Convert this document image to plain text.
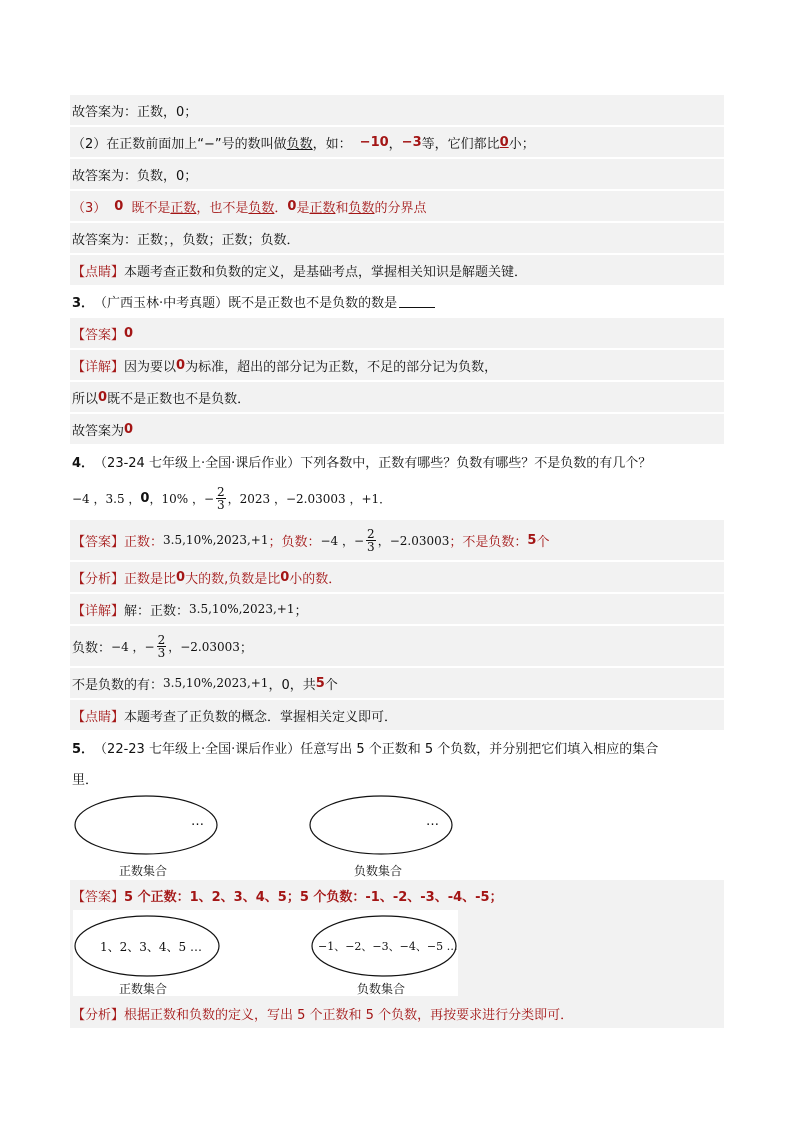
故答案为：正数，0；
（2）在正数前面加上“−”号的数叫做 负数 ，如： −10 ， −3 等，它们都比 0 小；
故答案为：负数，0；
（3） 0 既不是 正数 ，也不是 负数 ． 0 是 正数 和 负数 的分界点
故答案为：正数；，负数；正数；负数．
【点睛】 本题考查正数和负数的定义，是基础考点，掌握相关知识是解题关键．
3． （广西玉林·中考真题）既不是正数也不是负数的数是
【答案】 0
【详解】 因为要以 0 为标准，超出的部分记为正数，不足的部分记为负数，
所以 0 既不是正数也不是负数．
故答案为 0
4． （23-24 七年级上·全国·课后作业）下列各数中，正数有哪些？负数有哪些？不是负数的有几个？
−4 ，3.5 ， 0 ，10% ，− $\frac{2}{3}$ ，2023 ，−2.03003 ，+1．
【答案】 正数： 3.5,10%,2023,+1 ；负数： −4 ，− $\frac{2}{3}$ ，−2.03003 ；不是负数： 5 个
【分析】 正数是比 0 大的数,负数是比 0 小的数．
【详解】 解：正数： 3.5,10%,2023,+1 ；
负数： −4 ，− $\frac{2}{3}$ ，−2.03003 ；
不是负数的有： 3.5,10%,2023,+1 ，0，共 5 个
【点睛】 本题考查了正负数的概念．掌握相关定义即可．
5． （22-23 七年级上·全国·课后作业）任意写出 5 个正数和 5 个负数，并分别把它们填入相应的集合
里．
…
正数集合
…
负数集合
【答案】 5 个正数：1、2、3、4、5；5 个负数：-1、-2、-3、-4、-5；
1、2、3、4、5 …
正数集合
−1、−2、−3、−4、−5 …
负数集合
【分析】 根据正数和负数的定义，写出 5 个正数和 5 个负数，再按要求进行分类即可．
